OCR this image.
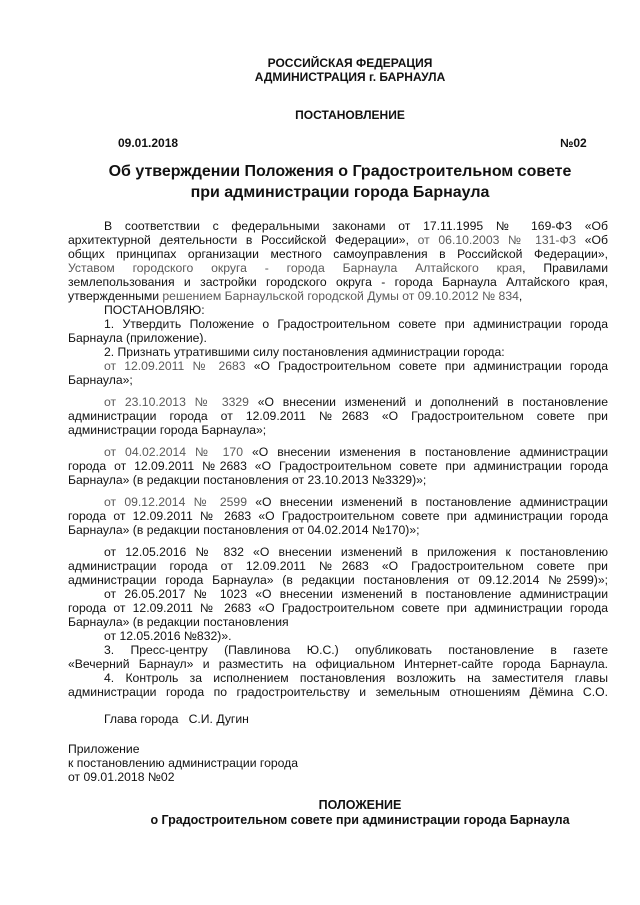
РОССИЙСКАЯ ФЕДЕРАЦИЯ
АДМИНИСТРАЦИЯ г. БАРНАУЛА
ПОСТАНОВЛЕНИЕ
09.01.2018	№02
Об утверждении Положения о Градостроительном совете
при администрации города Барнаула
В соответствии с федеральными законами от 17.11.1995 № 169-ФЗ «Об
архитектурной деятельности в Российской Федерации», от 06.10.2003 № 131-ФЗ «Об
общих принципах организации местного самоуправления в Российской Федерации»,
Уставом городского округа - города Барнаула Алтайского края, Правилами
землепользования и застройки городского округа - города Барнаула Алтайского края,
утвержденными решением Барнаульской городской Думы от 09.10.2012 № 834,
ПОСТАНОВЛЯЮ:
1. Утвердить Положение о Градостроительном совете при администрации города
Барнаула (приложение).
2. Признать утратившими силу постановления администрации города:
от 12.09.2011 № 2683 «О Градостроительном совете при администрации города
Барнаула»;
от 23.10.2013 № 3329 «О внесении изменений и дополнений в постановление
администрации города от 12.09.2011 №2683 «О Градостроительном совете при
администрации города Барнаула»;
от 04.02.2014 № 170 «О внесении изменения в постановление администрации
города от 12.09.2011 №2683 «О Градостроительном совете при администрации города
Барнаула» (в редакции постановления от 23.10.2013 №3329)»;
от 09.12.2014 № 2599 «О внесении изменений в постановление администрации
города от 12.09.2011 № 2683 «О Градостроительном совете при администрации города
Барнаула» (в редакции постановления от 04.02.2014 №170)»;
от 12.05.2016 № 832 «О внесении изменений в приложения к постановлению
администрации города от 12.09.2011 №2683 «О Градостроительном совете при
администрации города Барнаула» (в редакции постановления от 09.12.2014 №2599)»;
от 26.05.2017 № 1023 «О внесении изменений в постановление администрации
города от 12.09.2011 № 2683 «О Градостроительном совете при администрации города
Барнаула» (в редакции постановления
от 12.05.2016 №832)».
3. Пресс-центру (Павлинова Ю.С.) опубликовать постановление в газете
«Вечерний Барнаул» и разместить на официальном Интернет-сайте города Барнаула.
4. Контроль за исполнением постановления возложить на заместителя главы
администрации города по градостроительству и земельным отношениям Дёмина С.О.
Глава города   С.И. Дугин
Приложение
к постановлению администрации города
от 09.01.2018 №02
ПОЛОЖЕНИЕ
о Градостроительном совете при администрации города Барнаула
